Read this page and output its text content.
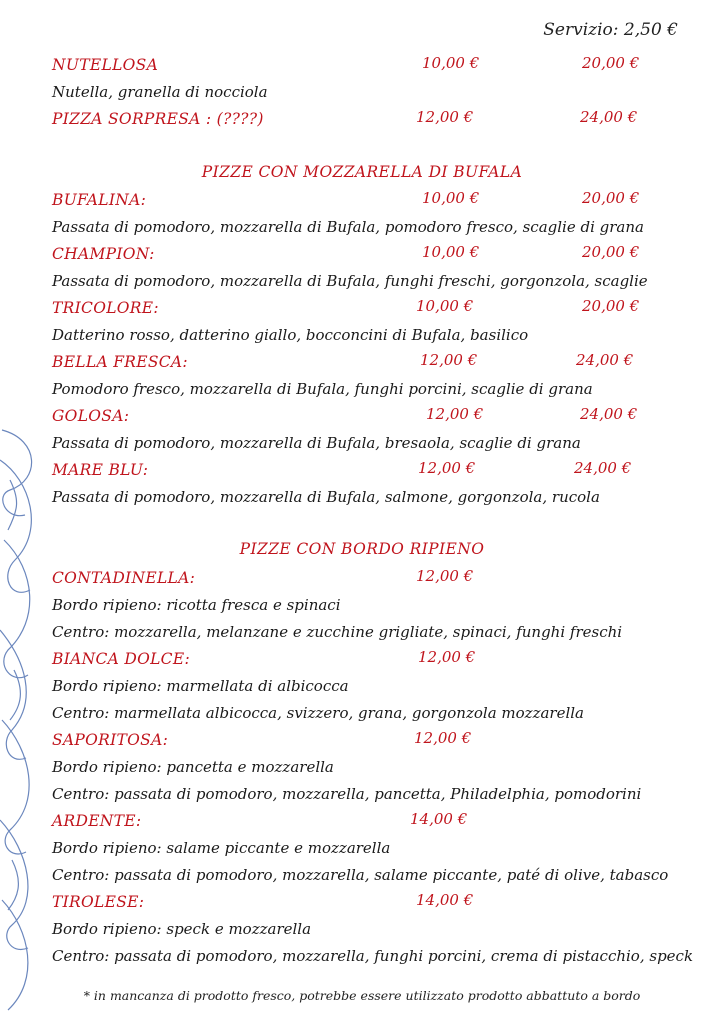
Servizio: 2,50 €
NUTELLOSA	10,00 €	20,00 €
Nutella, granella di nocciola
PIZZA SORPRESA : (????)	12,00 €	24,00 €
PIZZE CON MOZZARELLA DI BUFALA
BUFALINA:	10,00 €	20,00 €
Passata di pomodoro, mozzarella di Bufala, pomodoro fresco, scaglie di grana
CHAMPION:	10,00 €	20,00 €
Passata di pomodoro, mozzarella di Bufala, funghi freschi, gorgonzola, scaglie
TRICOLORE:	10,00 €	20,00 €
Datterino rosso, datterino giallo, bocconcini di Bufala, basilico
BELLA FRESCA:	12,00 €	24,00 €
Pomodoro fresco, mozzarella di Bufala, funghi porcini, scaglie di grana
GOLOSA:	12,00 €	24,00 €
Passata di pomodoro, mozzarella di Bufala, bresaola, scaglie di grana
MARE BLU:	12,00 €	24,00 €
Passata di pomodoro, mozzarella di Bufala, salmone, gorgonzola, rucola
PIZZE CON BORDO RIPIENO
CONTADINELLA:	12,00 €
Bordo ripieno: ricotta fresca e spinaci
Centro: mozzarella, melanzane e zucchine grigliate, spinaci, funghi freschi
BIANCA DOLCE:	12,00 €
Bordo ripieno: marmellata di albicocca
Centro: marmellata albicocca, svizzero, grana, gorgonzola mozzarella
SAPORITOSA:	12,00 €
Bordo ripieno: pancetta e mozzarella
Centro: passata di pomodoro, mozzarella, pancetta, Philadelphia, pomodorini
ARDENTE:	14,00 €
Bordo ripieno: salame piccante e mozzarella
Centro: passata di pomodoro, mozzarella, salame piccante, paté di olive, tabasco
TIROLESE:	14,00 €
Bordo ripieno: speck e mozzarella
Centro: passata di pomodoro, mozzarella, funghi porcini, crema di pistacchio, speck
* in mancanza di prodotto fresco, potrebbe essere utilizzato prodotto abbattuto a bordo
